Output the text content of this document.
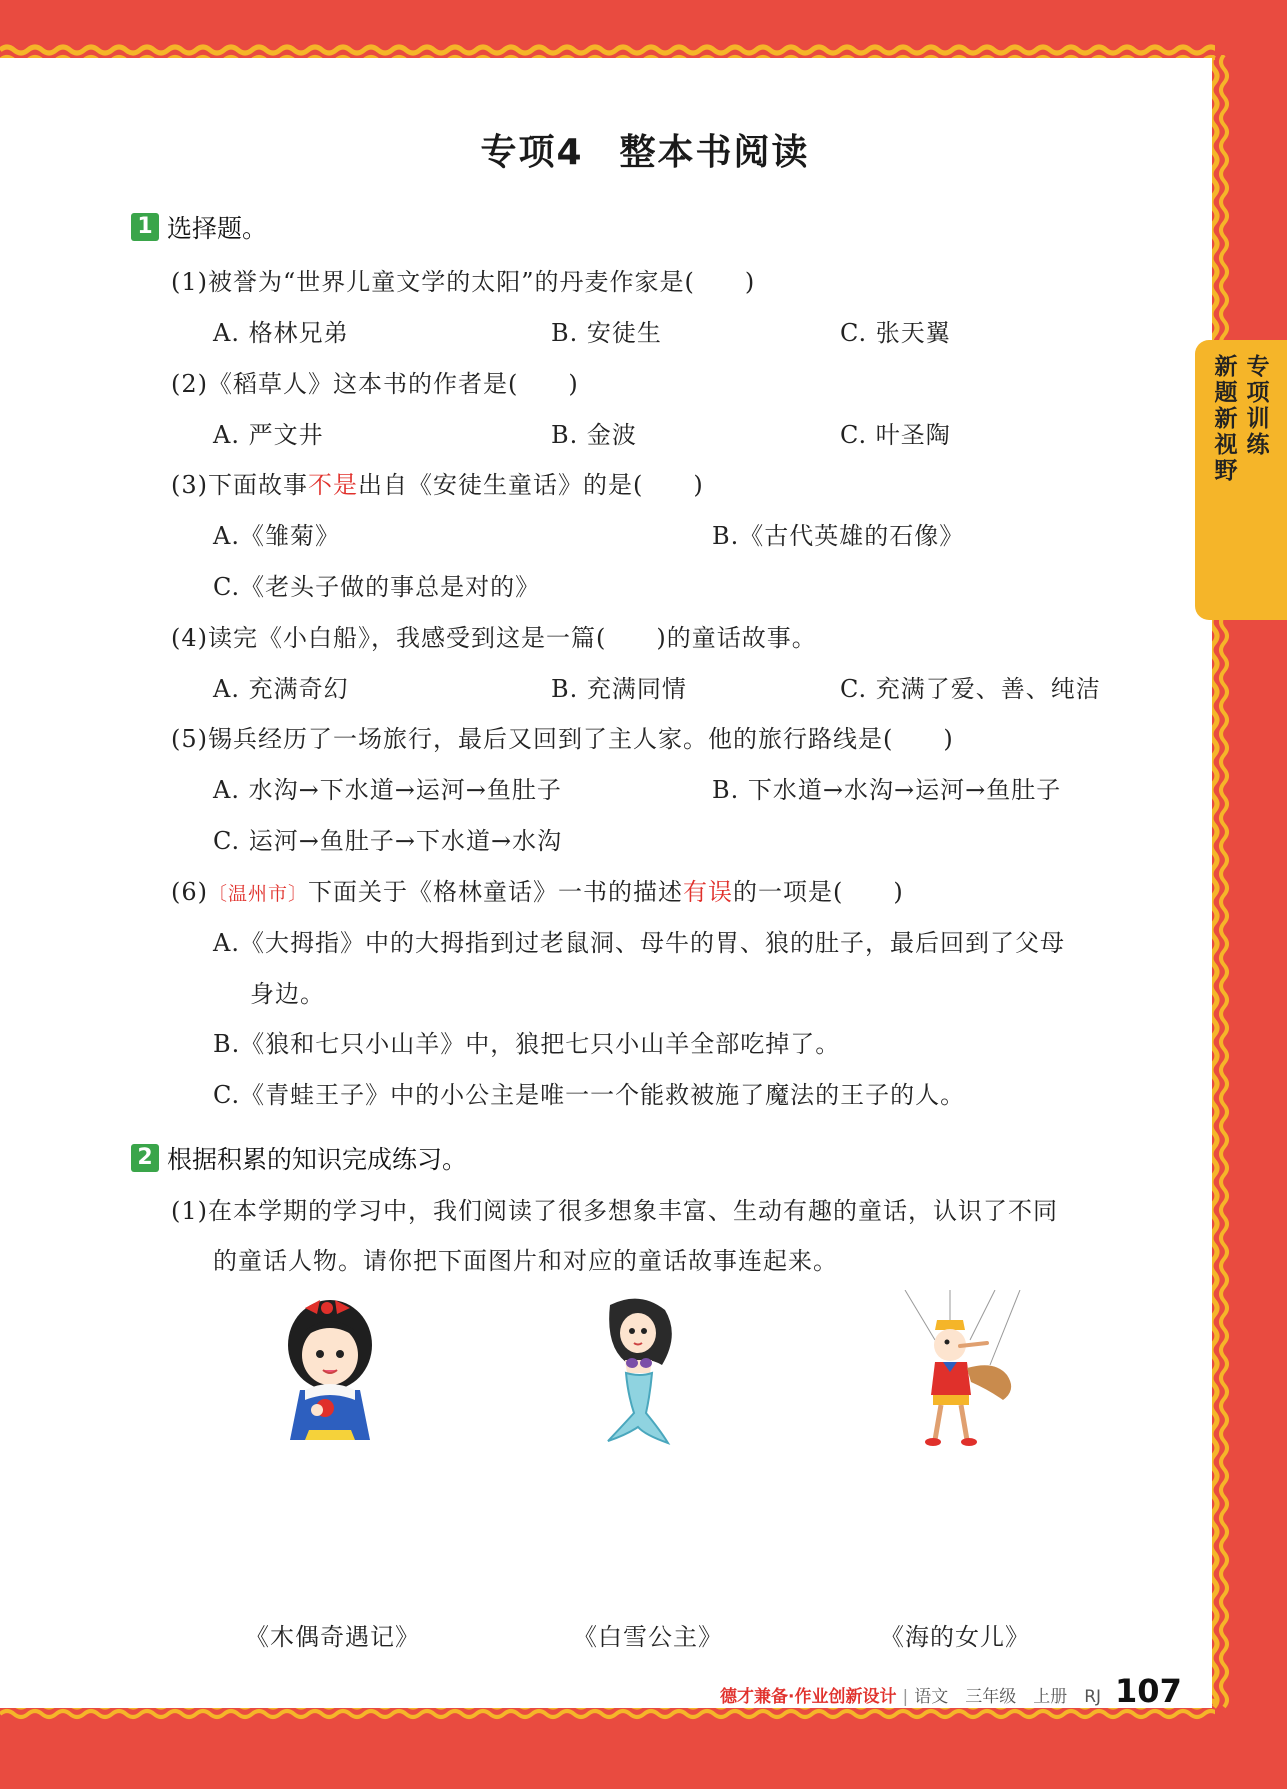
专项4 整本书阅读
新题新视野
专项训练
1 选择题。
(1)被誉为“世界儿童文学的太阳”的丹麦作家是(　　)
A. 格林兄弟	B. 安徒生	C. 张天翼
(2)《稻草人》这本书的作者是(　　)
A. 严文井	B. 金波	C. 叶圣陶
(3)下面故事不是出自《安徒生童话》的是(　　)
A.《雏菊》	B.《古代英雄的石像》
C.《老头子做的事总是对的》
(4)读完《小白船》，我感受到这是一篇(　　)的童话故事。
A. 充满奇幻	B. 充满同情	C. 充满了爱、善、纯洁
(5)锡兵经历了一场旅行，最后又回到了主人家。他的旅行路线是(　　)
A. 水沟→下水道→运河→鱼肚子	B. 下水道→水沟→运河→鱼肚子
C. 运河→鱼肚子→下水道→水沟
(6)〔温州市〕下面关于《格林童话》一书的描述有误的一项是(　　)
A.《大拇指》中的大拇指到过老鼠洞、母牛的胃、狼的肚子，最后回到了父母
身边。
B.《狼和七只小山羊》中，狼把七只小山羊全部吃掉了。
C.《青蛙王子》中的小公主是唯一一个能救被施了魔法的王子的人。
2 根据积累的知识完成练习。
(1)在本学期的学习中，我们阅读了很多想象丰富、生动有趣的童话，认识了不同
的童话人物。请你把下面图片和对应的童话故事连起来。
《木偶奇遇记》	《白雪公主》	《海的女儿》
德才兼备·作业创新设计 | 语文　三年级　上册　RJ 107
